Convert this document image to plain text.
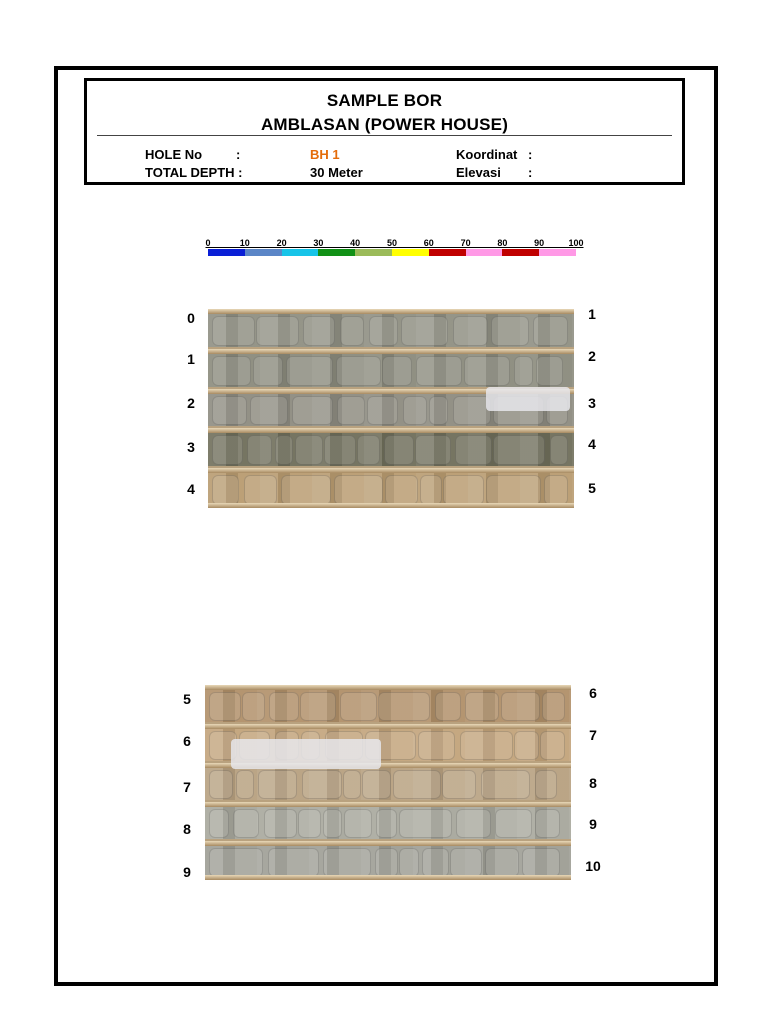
SAMPLE BOR
AMBLASAN (POWER HOUSE)
HOLE No	:	BH 1
TOTAL DEPTH :	30 Meter
Koordinat :
Elevasi :
0	10	20	30	40	50	60	70	80	90	100
0
1
2
3
4
1
2
3
4
5
5
6
7
8
9
6
7
8
9
10
